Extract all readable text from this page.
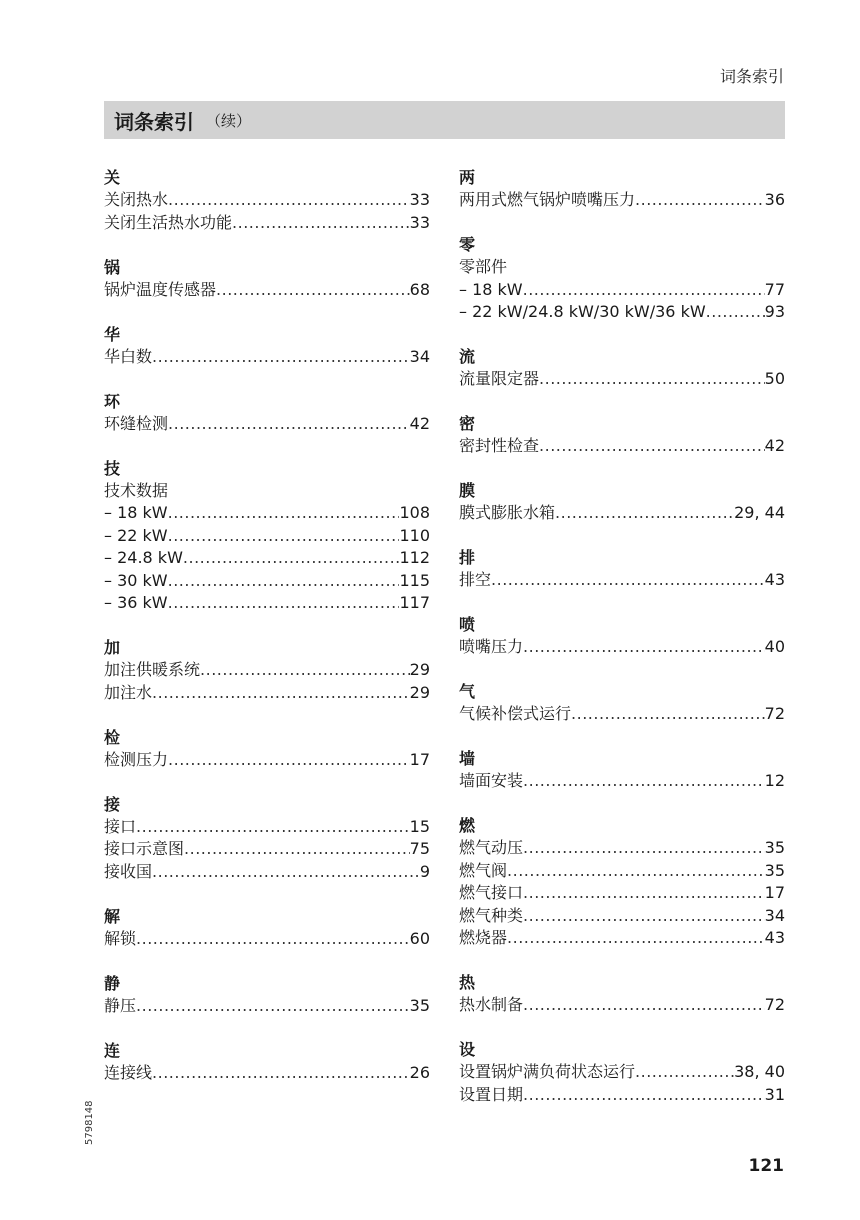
词条索引
词条索引 （续）
关
关闭热水 .....	33
关闭生活热水功能 .....	33
锅
锅炉温度传感器 .....	68
华
华白数 .....	34
环
环缝检测 .....	42
技
技术数据
– 18 kW .....	108
– 22 kW .....	110
– 24.8 kW .....	112
– 30 kW .....	115
– 36 kW .....	117
加
加注供暖系统 .....	29
加注水 .....	29
检
检测压力 .....	17
接
接口 .....	15
接口示意图 .....	75
接收国 .....	9
解
解锁 .....	60
静
静压 .....	35
连
连接线 .....	26
两
两用式燃气锅炉喷嘴压力 .....	36
零
零部件
– 18 kW .....	77
– 22 kW/24.8 kW/30 kW/36 kW .....	93
流
流量限定器 .....	50
密
密封性检查 .....	42
膜
膜式膨胀水箱 .....	29, 44
排
排空 .....	43
喷
喷嘴压力 .....	40
气
气候补偿式运行 .....	72
墙
墙面安装 .....	12
燃
燃气动压 .....	35
燃气阀 .....	35
燃气接口 .....	17
燃气种类 .....	34
燃烧器 .....	43
热
热水制备 .....	72
设
设置锅炉满负荷状态运行 .....	38, 40
设置日期 .....	31
5798148
121
